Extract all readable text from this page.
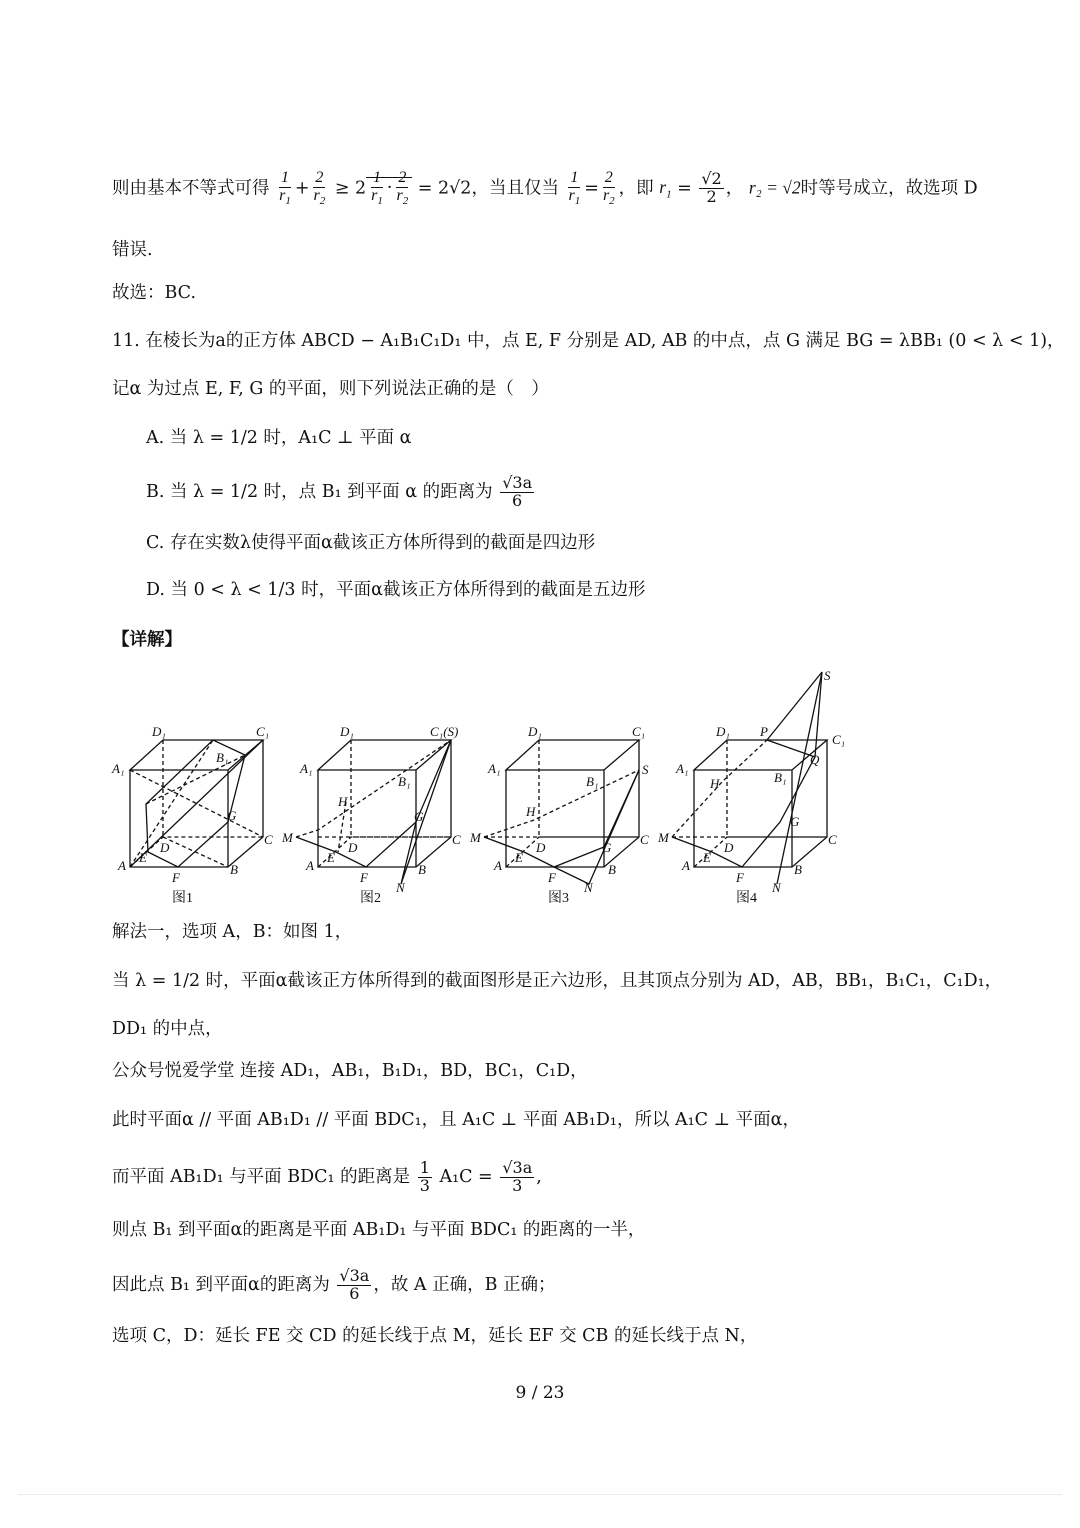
则由基本不等式可得 $\frac{1}{r_1} + \frac{2}{r_2} \ge 2 \frac{1}{r_1} \cdot \frac{2}{r_2} = 2√2$，当且仅当 $\frac{1}{r_1} = \frac{2}{r_2}$ ，即 $r_1 = \frac{√2}{2}$ ， r₂ = √2时等号成立，故选项 D
错误.
故选：BC.
11. 在棱长为a的正方体 ABCD − A₁B₁C₁D₁ 中，点 E, F 分别是 AD, AB 的中点，点 G 满足 BG = λBB₁ (0 < λ < 1)，
记α 为过点 E, F, G 的平面，则下列说法正确的是（　）
A. 当 λ = 1/2 时，A₁C ⊥ 平面 α
B. 当 λ = 1/2 时，点 B₁ 到平面 α 的距离为 $\frac{√3a}{6}$
C. 存在实数λ使得平面α截该正方体所得到的截面是四边形
D. 当 0 < λ < 1/3 时，平面α截该正方体所得到的截面是五边形
【详解】
D₁	C₁
A₁
B₁
G
D
C
A
E
F
B
图1
D₁	C₁(S)
A₁
B₁
H
G
M
D
C
A
E
F
B
N
图2
D₁	C₁
A₁
B₁
S
H
M
D	G
C
A
E
F
B
N
图3
S
D₁ P
C₁
Q
A₁
B₁
H
G
M
D
C
A
E
F
B
N
图4
解法一，选项 A，B：如图 1，
当 λ = 1/2 时，平面α截该正方体所得到的截面图形是正六边形，且其顶点分别为 AD，AB，BB₁，B₁C₁，C₁D₁，
DD₁ 的中点，
公众号悦爱学堂 连接 AD₁，AB₁，B₁D₁，BD，BC₁，C₁D，
此时平面α // 平面 AB₁D₁ // 平面 BDC₁，且 A₁C ⊥ 平面 AB₁D₁，所以 A₁C ⊥ 平面α，
而平面 AB₁D₁ 与平面 BDC₁ 的距离是 $\frac{1}{3} A_1C = \frac{√3a}{3}$ ,
则点 B₁ 到平面α的距离是平面 AB₁D₁ 与平面 BDC₁ 的距离的一半，
因此点 B₁ 到平面α的距离为 $\frac{√3a}{6}$ ，故 A 正确，B 正确；
选项 C，D：延长 FE 交 CD 的延长线于点 M，延长 EF 交 CB 的延长线于点 N，
9 / 23
